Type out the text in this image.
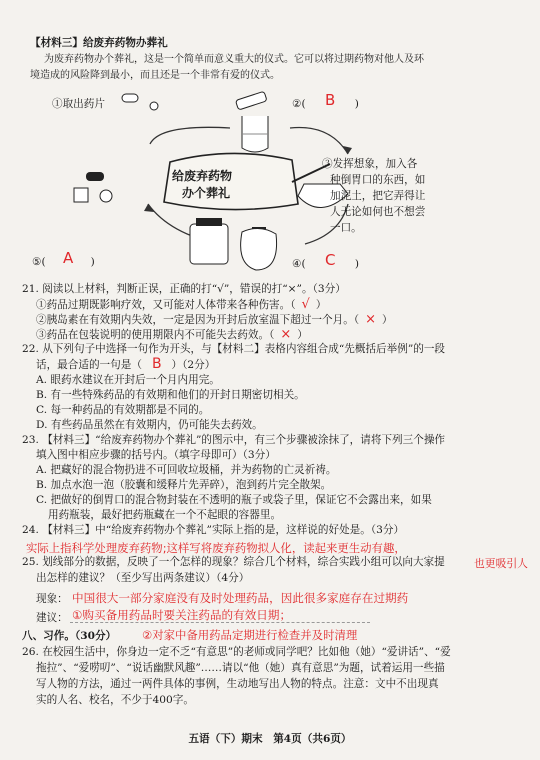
【材料三】给废弃药物办葬礼
为废弃药物办个葬礼，这是一个简单而意义重大的仪式。它可以将过期药物对他人及环
境造成的风险降到最小，而且还是一个非常有爱的仪式。
给废弃药物
办个葬礼
①取出药片	②( B )
③发挥想象，加入各
种倒胃口的东西，如
加泥土，把它弄得让
人无论如何也不想尝
一口。
⑤( A )	④( C )
21. 阅读以上材料，判断正误，正确的打“√”，错误的打“×”。（3分）
①药品过期既影响疗效，又可能对人体带来各种伤害。（ √ ）
②胰岛素在有效期内失效，一定是因为开封后放室温下超过一个月。（ × ）
③药品在包装说明的使用期限内不可能失去药效。（ × ）
22. 从下列句子中选择一句作为开头，与【材料二】表格内容组合成“先概括后举例”的一段
话，最合适的一句是（ B ）（2分）
A. 眼药水建议在开封后一个月内用完。
B. 有一些特殊药品的有效期和他们的开封日期密切相关。
C. 每一种药品的有效期都是不同的。
D. 有些药品虽然在有效期内，仍可能失去药效。
23. 【材料三】“给废弃药物办个葬礼”的图示中，有三个步骤被涂抹了，请将下列三个操作
填入图中相应步骤的括号内。（填字母即可）（3分）
A. 把藏好的混合物扔进不可回收垃圾桶，并为药物的亡灵祈祷。
B. 加点水泡一泡（胶囊和缓释片先弄碎），泡到药片完全散架。
C. 把做好的倒胃口的混合物封装在不透明的瓶子或袋子里，保证它不会露出来，如果
用药瓶装，最好把药瓶藏在一个不起眼的容器里。
24. 【材料三】中“给废弃药物办个葬礼”实际上指的是，这样说的好处是。（3分）
实际上指科学处理废弃药物;这样写将废弃药物拟人化，读起来更生动有趣，
也更吸引人
25. 划线部分的数据，反映了一个怎样的现象？综合几个材料，综合实践小组可以向大家提
出怎样的建议？（至少写出两条建议）（4分）
现象： 中国很大一部分家庭没有及时处理药品，因此很多家庭存在过期药
建议： ①购买备用药品时要关注药品的有效日期；
八、习作。（30分） ②对家中备用药品定期进行检查并及时清理
26. 在校园生活中，你身边一定不乏“有意思”的老师或同学吧？比如他（她）“爱讲话”、“爱
拖拉”、“爱唠叨”、“说话幽默风趣”……请以“他（她）真有意思”为题，试着运用一些描
写人物的方法，通过一两件具体的事例，生动地写出人物的特点。注意：文中不出现真
实的人名、校名，不少于400字。
五语（下）期末　第4页（共6页）
